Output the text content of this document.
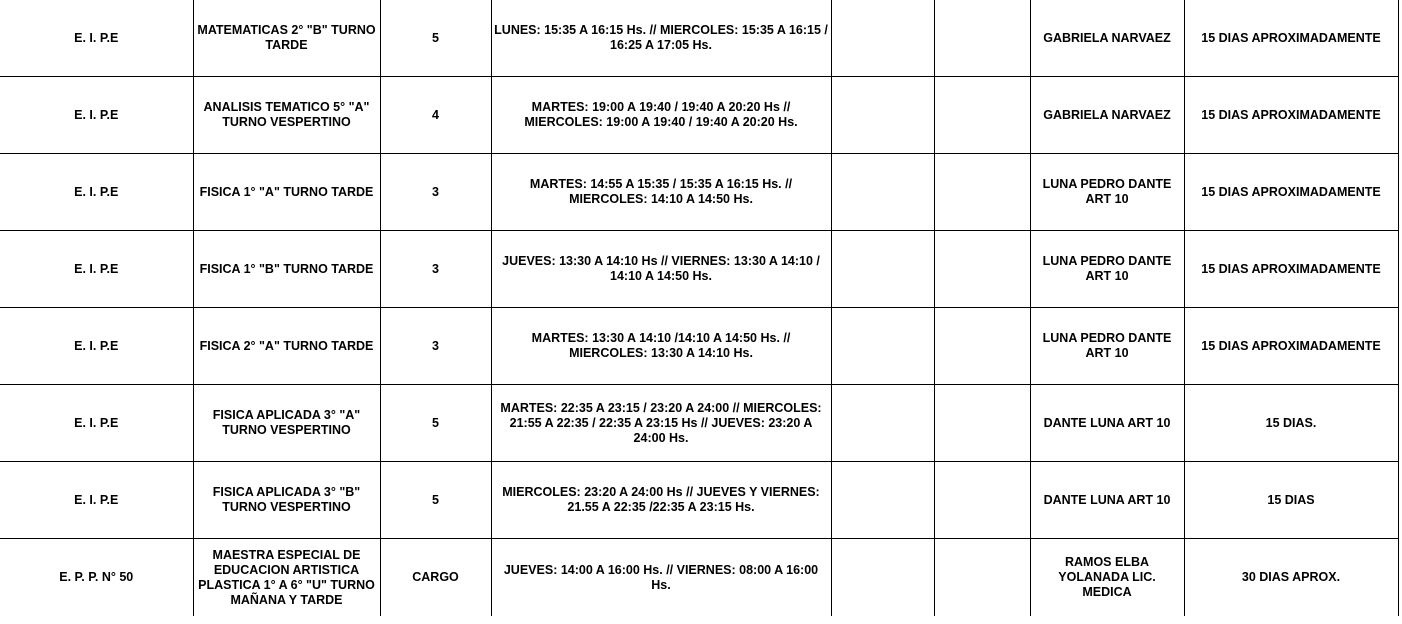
E. I. P.E	MATEMATICAS 2° "B" TURNO TARDE	5	LUNES: 15:35 A 16:15 Hs. // MIERCOLES: 15:35 A 16:15 / 16:25 A 17:05 Hs.			GABRIELA NARVAEZ	15 DIAS APROXIMADAMENTE
E. I. P.E	ANALISIS TEMATICO 5° "A" TURNO VESPERTINO	4	MARTES: 19:00 A 19:40 / 19:40 A 20:20 Hs // MIERCOLES: 19:00 A 19:40 / 19:40 A 20:20 Hs.			GABRIELA NARVAEZ	15 DIAS APROXIMADAMENTE
E. I. P.E	FISICA 1° "A" TURNO TARDE	3	MARTES: 14:55 A 15:35 / 15:35 A 16:15 Hs. // MIERCOLES: 14:10 A 14:50 Hs.			LUNA PEDRO DANTE ART 10	15 DIAS APROXIMADAMENTE
E. I. P.E	FISICA 1° "B" TURNO TARDE	3	JUEVES: 13:30 A 14:10 Hs // VIERNES: 13:30 A 14:10 / 14:10 A 14:50 Hs.			LUNA PEDRO DANTE ART 10	15 DIAS APROXIMADAMENTE
E. I. P.E	FISICA 2° "A" TURNO TARDE	3	MARTES: 13:30 A 14:10 /14:10 A 14:50 Hs. // MIERCOLES: 13:30 A 14:10 Hs.			LUNA PEDRO DANTE ART 10	15 DIAS APROXIMADAMENTE
E. I. P.E	FISICA APLICADA 3° "A" TURNO VESPERTINO	5	MARTES: 22:35 A 23:15 / 23:20 A 24:00 // MIERCOLES: 21:55 A 22:35 / 22:35 A 23:15 Hs // JUEVES: 23:20 A 24:00 Hs.			DANTE LUNA ART 10	15 DIAS.
E. I. P.E	FISICA APLICADA 3° "B" TURNO VESPERTINO	5	MIERCOLES: 23:20 A 24:00 Hs // JUEVES Y VIERNES: 21.55 A 22:35 /22:35 A 23:15 Hs.			DANTE LUNA ART 10	15 DIAS
E. P. P. N° 50	MAESTRA ESPECIAL DE EDUCACION ARTISTICA PLASTICA 1° A 6° "U" TURNO MAÑANA Y TARDE	CARGO	JUEVES: 14:00 A 16:00 Hs. // VIERNES: 08:00 A 16:00 Hs.			RAMOS ELBA YOLANADA LIC. MEDICA	30 DIAS APROX.
